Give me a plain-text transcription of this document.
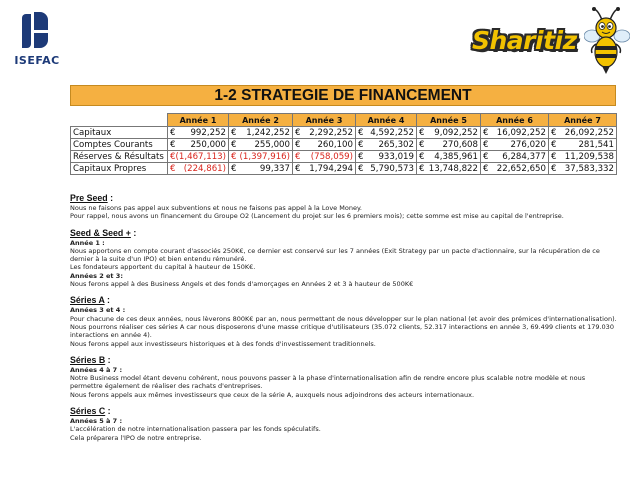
ISEFAC
Sharitiz
1-2 STRATEGIE DE FINANCEMENT
	Année 1	Année 2	Année 3	Année 4	Année 5	Année 6	Année 7
Capitaux	€ 992,252	€ 1,242,252	€ 2,292,252	€ 4,592,252	€ 9,092,252	€ 16,092,252	€ 26,092,252

Comptes Courants	€ 250,000	€ 255,000	€ 260,100	€ 265,302	€ 270,608	€ 276,020	€ 281,541

Réserves & Résultats	€ (1,467,113)	€ (1,397,916)	€ (758,059)	€ 933,019	€ 4,385,961	€ 6,284,377	€ 11,209,538

Capitaux Propres	€ (224,861)	€ 99,337	€ 1,794,294	€ 5,790,573	€ 13,748,822	€ 22,652,650	€ 37,583,332
Pre Seed :

Nous ne faisons pas appel aux subventions et nous ne faisons pas appel à la Love Money.

Pour rappel, nous avons un financement du Groupe O2 (Lancement du projet sur les 6 premiers mois); cette somme est mise au capital de l'entreprise.

Seed & Seed + :

Année 1 :

Nous apportons en compte courant d'associés 250K€, ce dernier est conservé sur les 7 années (Exit Strategy par un pacte d'actionnaire, sur la récupération de ce dernier à la suite d'un IPO) et bien entendu rémunéré.

Les fondateurs apportent du capital à hauteur de 150K€.

Années 2 et 3:

Nous ferons appel à des Business Angels et des fonds d'amorçages en Années 2 et 3 à hauteur de 500K€

Séries A :

Années 3 et 4 :

Pour chacune de ces deux années, nous lèverons 800K€ par an, nous permettant de nous développer sur le plan national (et avoir des prémices d'internationalisation). Nous pourrons réaliser ces séries A car nous disposerons d'une masse critique d'utilisateurs (35.072 clients, 52.317 interactions en année 3, 69.499 clients et 179.030 interactions en année 4).

Nous ferons appel aux investisseurs historiques et à des fonds d'investissement traditionnels.

Séries B :

Années 4 à 7 :

Notre Business model étant devenu cohérent, nous pouvons passer à la phase d'internationalisation afin de rendre encore plus scalable notre modèle et nous permettre également de réaliser des rachats d'entreprises.

Nous ferons appels aux mêmes investisseurs que ceux de la série A, auxquels nous adjoindrons des acteurs internationaux.

Séries C :

Années 5 à 7 :

L'accélération de notre internationalisation passera par les fonds spéculatifs.

Cela préparera l'IPO de notre entreprise.
